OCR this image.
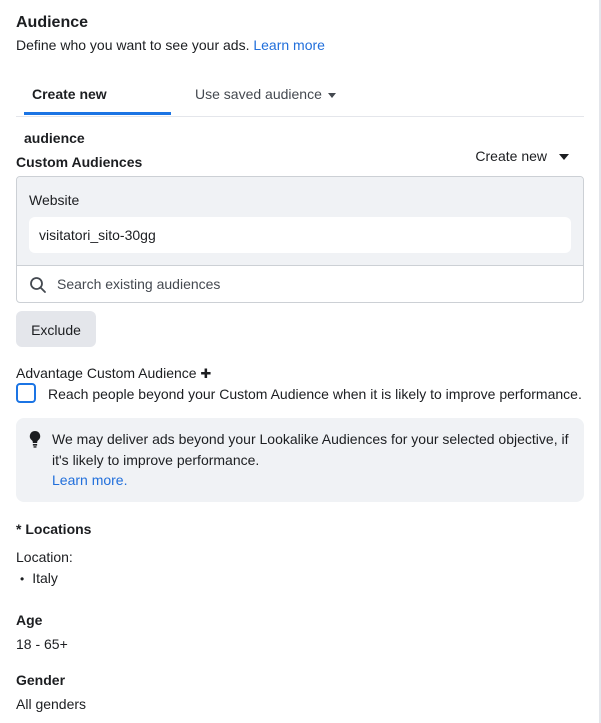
Audience
Define who you want to see your ads. Learn more
Create new audience
Use saved audience
Custom Audiences	Create new
Website
visitatori_sito-30gg
Search existing audiences
Exclude
Advantage Custom Audience ✚
Reach people beyond your Custom Audience when it is likely to improve performance.
We may deliver ads beyond your Lookalike Audiences for your selected objective, if it's likely to improve performance.
Learn more.
* Locations
Location:
• Italy
Age
18 - 65+
Gender
All genders
